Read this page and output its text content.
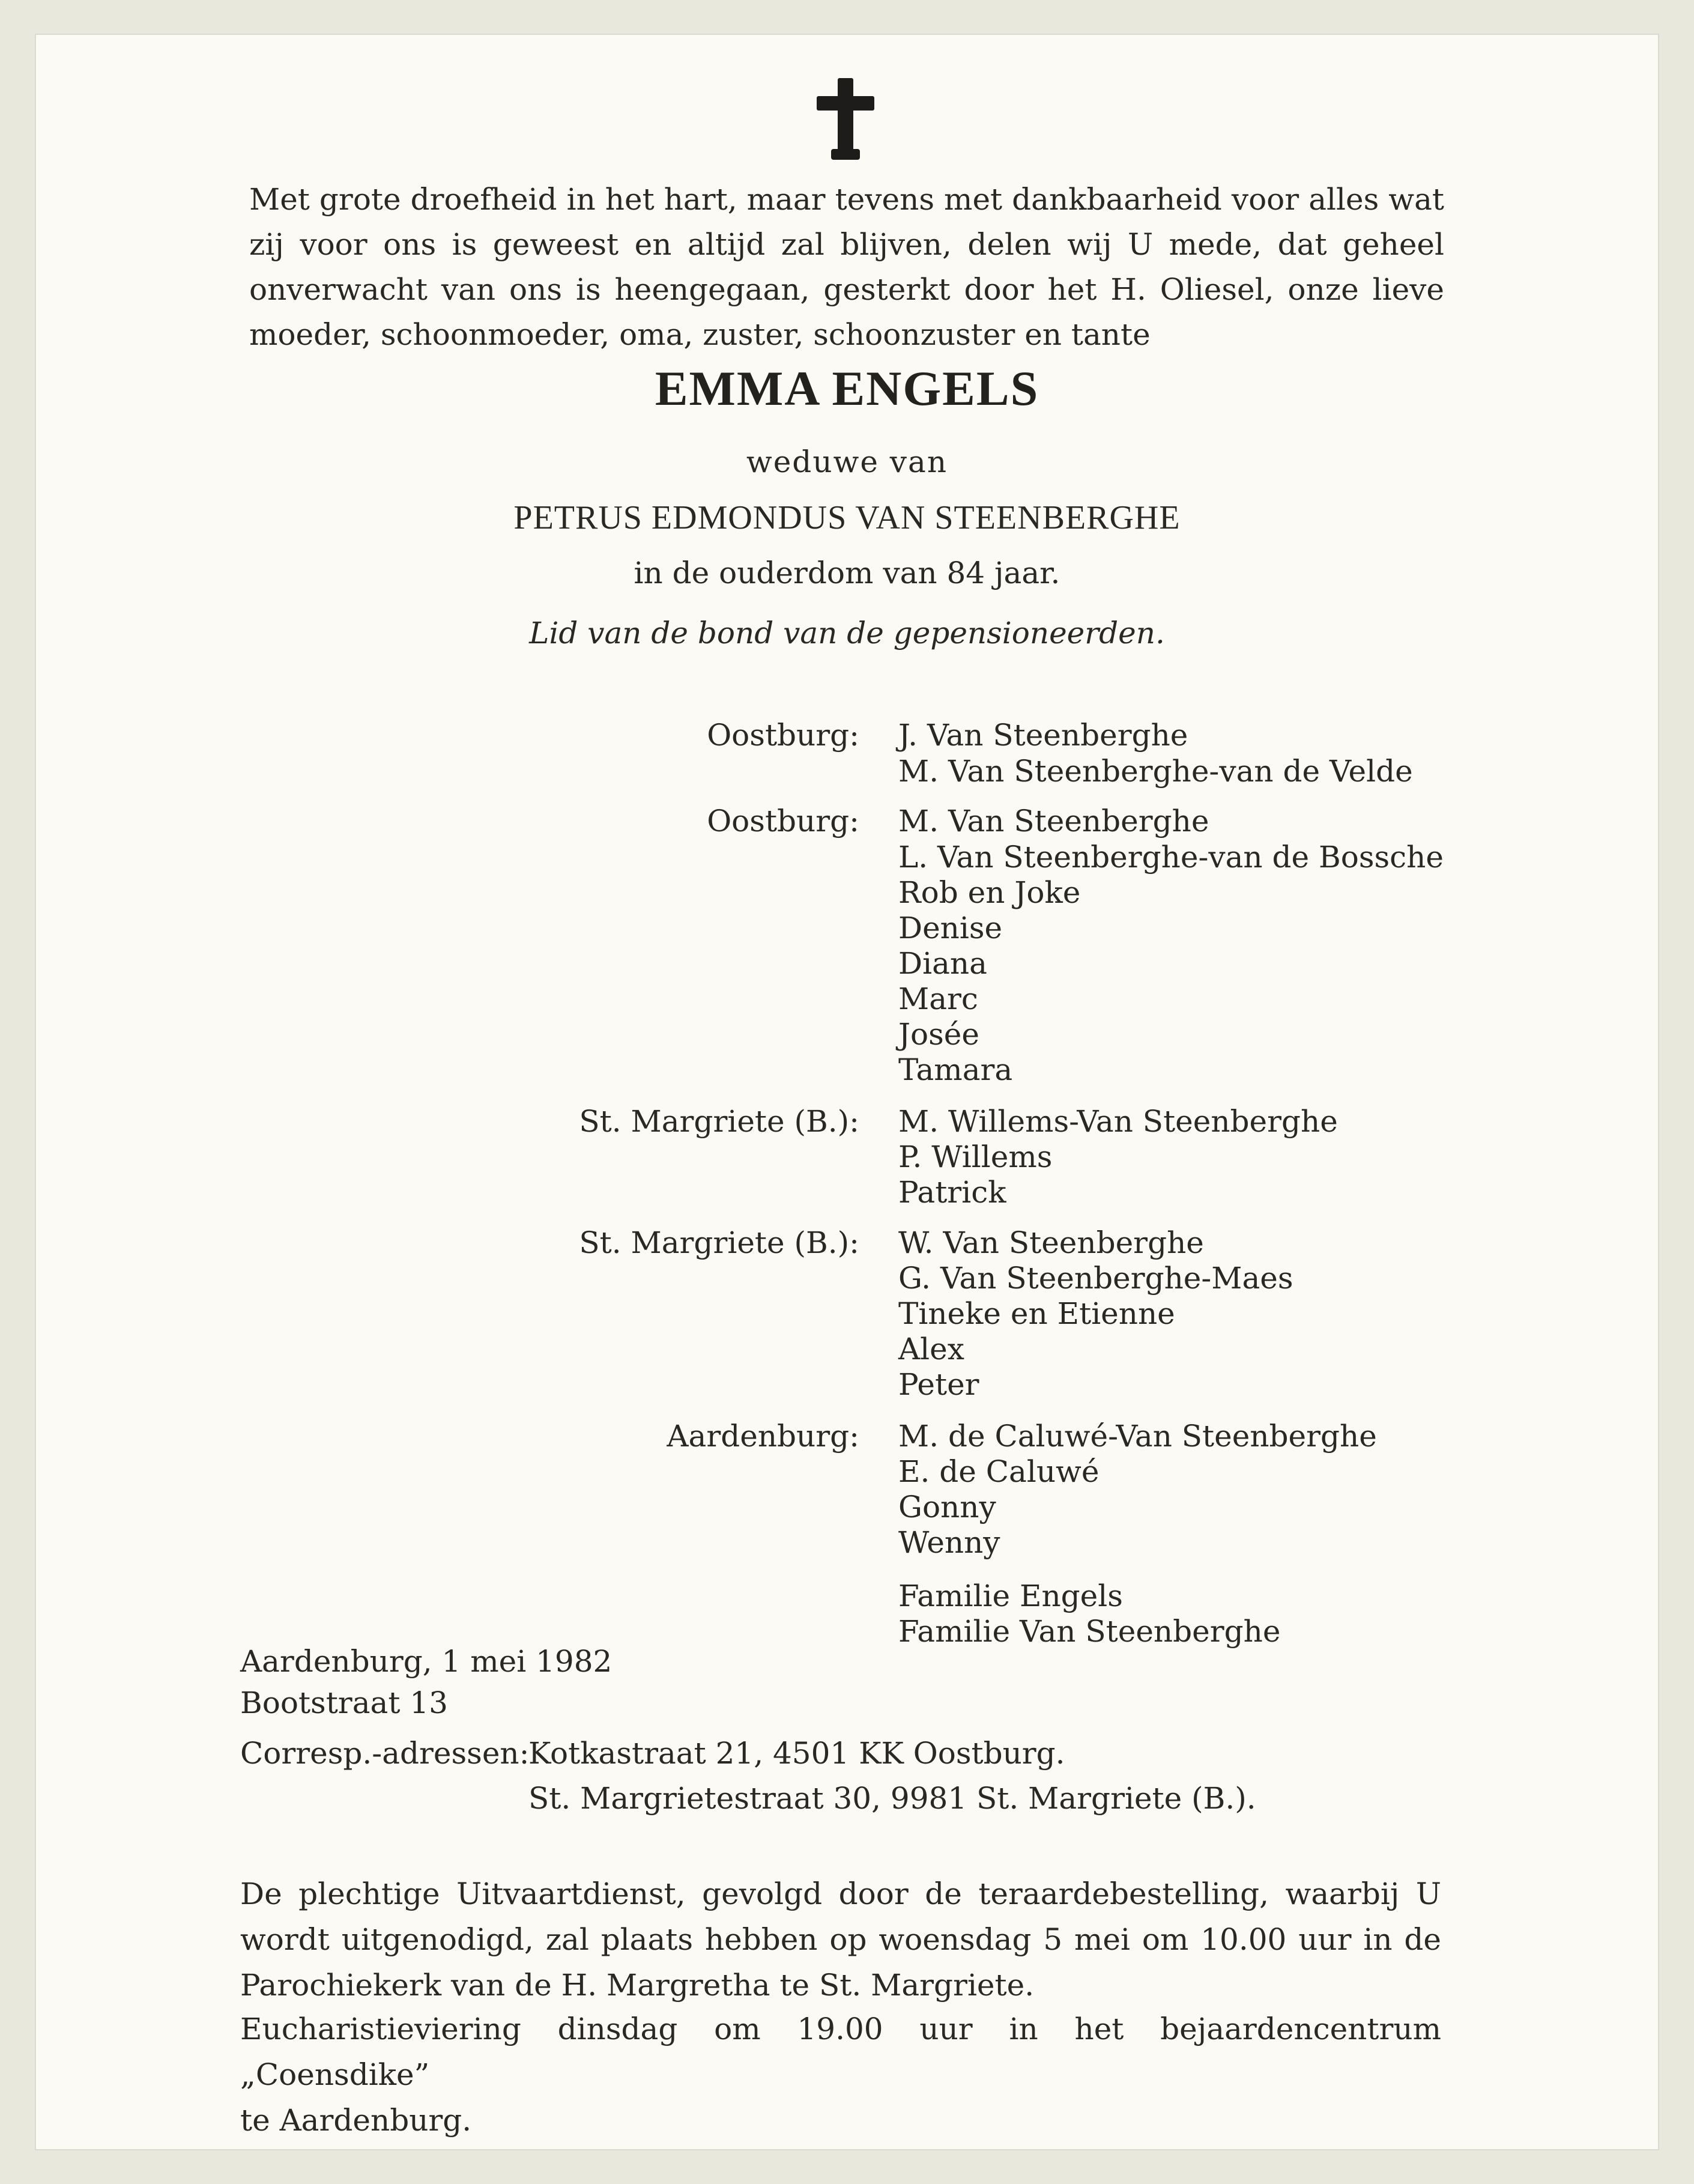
Met grote droefheid in het hart, maar tevens met dankbaarheid voor alles wat
zij voor ons is geweest en altijd zal blijven, delen wij U mede, dat geheel
onverwacht van ons is heengegaan, gesterkt door het H. Oliesel, onze lieve
moeder, schoonmoeder, oma, zuster, schoonzuster en tante
EMMA ENGELS
weduwe van
PETRUS EDMONDUS VAN STEENBERGHE
in de ouderdom van 84 jaar.
Lid van de bond van de gepensioneerden.
Oostburg: J. Van Steenberghe
M. Van Steenberghe-van de Velde
Oostburg: M. Van Steenberghe
L. Van Steenberghe-van de Bossche
Rob en Joke
Denise
Diana
Marc
Josée
Tamara
St. Margriete (B.): M. Willems-Van Steenberghe
P. Willems
Patrick
St. Margriete (B.): W. Van Steenberghe
G. Van Steenberghe-Maes
Tineke en Etienne
Alex
Peter
Aardenburg: M. de Caluwé-Van Steenberghe
E. de Caluwé
Gonny
Wenny
Familie Engels
Familie Van Steenberghe
Aardenburg, 1 mei 1982
Bootstraat 13
Corresp.-adressen:
Kotkastraat 21, 4501 KK Oostburg.
St. Margrietestraat 30, 9981 St. Margriete (B.).
De plechtige Uitvaartdienst, gevolgd door de teraardebestelling, waarbij U
wordt uitgenodigd, zal plaats hebben op woensdag 5 mei om 10.00 uur in de
Parochiekerk van de H. Margretha te St. Margriete.
Eucharistieviering dinsdag om 19.00 uur in het bejaardencentrum „Coensdike”
te Aardenburg.
